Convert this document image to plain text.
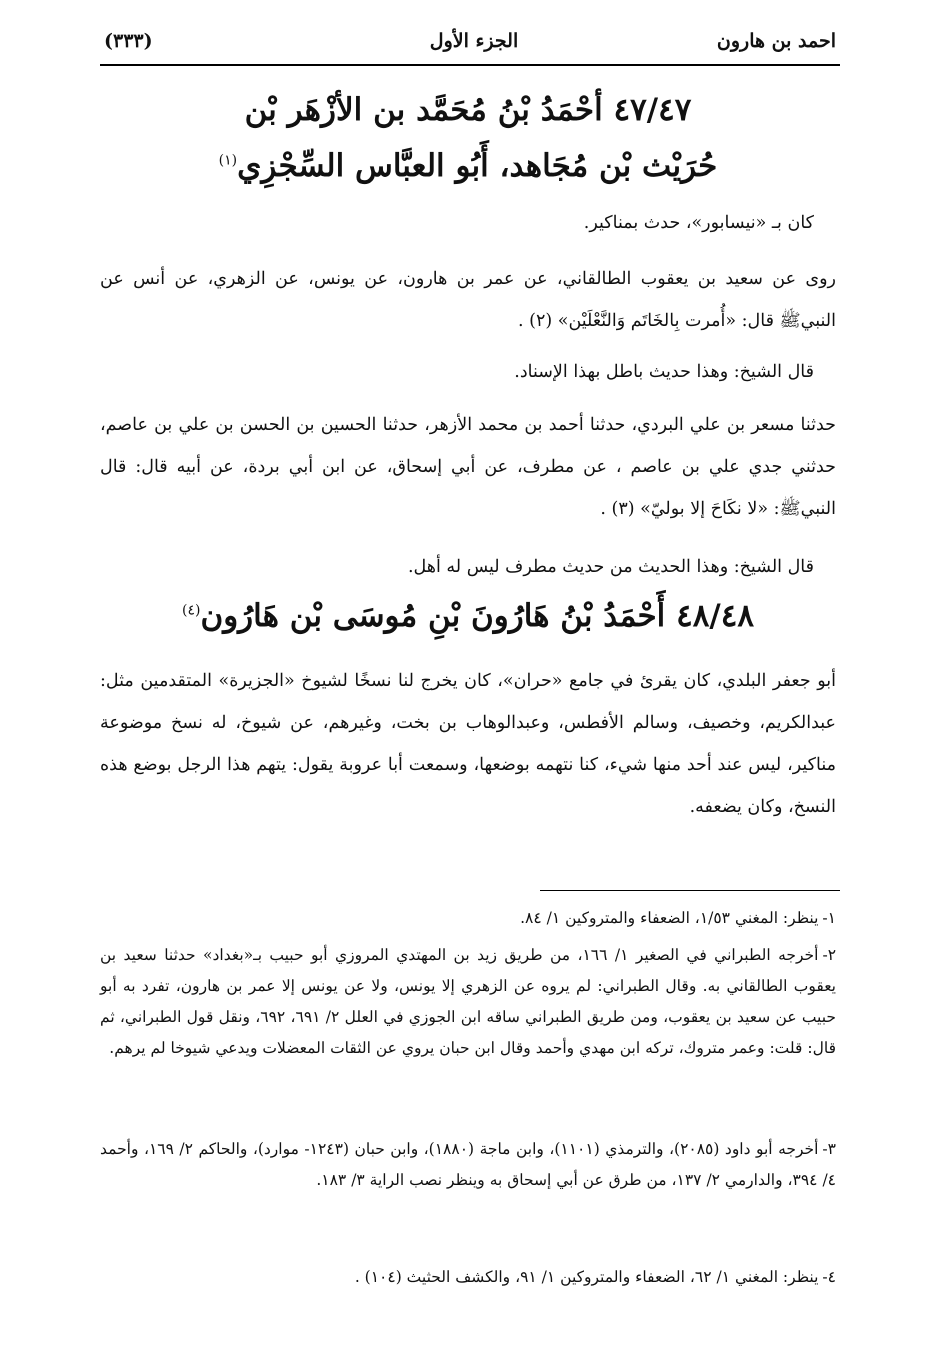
احمد بن هارون
الجزء الأول
(٣٣٣)
٤٧/٤٧ أحْمَدُ بْنُ مُحَمَّد بن الأزْهَر بْن
حُرَيْث بْن مُجَاهد، أَبُو العبَّاس السِّجْزِي$^{(١)}$
كان بـ «نيسابور»، حدث بمناكير.
روى عن سعيد بن يعقوب الطالقاني، عن عمر بن هارون، عن يونس، عن الزهري، عن أنس عن النبيﷺ قال: «أُمرت بِالخَاتَم وَالنَّعْلَيْن» (٢) .
قال الشيخ: وهذا حديث باطل بهذا الإسناد.
حدثنا مسعر بن علي البردي، حدثنا أحمد بن محمد الأزهر، حدثنا الحسين بن الحسن بن علي بن عاصم، حدثني جدي علي بن عاصم ، عن مطرف، عن أبي إسحاق، عن ابن أبي بردة، عن أبيه قال: قال النبيﷺ: «لا نكَاحَ إلا بوليّ» (٣) .
قال الشيخ: وهذا الحديث من حديث مطرف ليس له أهل.
٤٨/٤٨ أَحْمَدُ بْنُ هَارُونَ بْنِ مُوسَى بْن هَارُون$^{(٤)}$
أبو جعفر البلدي، كان يقرئ في جامع «حران»، كان يخرج لنا نسخًا لشيوخ «الجزيرة» المتقدمين مثل: عبدالكريم، وخصيف، وسالم الأفطس، وعبدالوهاب بن بخت، وغيرهم، عن شيوخ، له نسخ موضوعة مناكير، ليس عند أحد منها شيء، كنا نتهمه بوضعها، وسمعت أبا عروبة يقول: يتهم هذا الرجل بوضع هذه النسخ، وكان يضعفه.
١-ينظر: المغني ١/٥٣، الضعفاء والمتروكين ١/ ٨٤.
٢-أخرجه الطبراني في الصغير ١/ ١٦٦، من طريق زيد بن المهتدي المروزي أبو حبيب بـ«بغداد» حدثنا سعيد بن يعقوب الطالقاني به. وقال الطبراني: لم يروه عن الزهري إلا يونس، ولا عن يونس إلا عمر بن هارون، تفرد به أبو حبيب عن سعيد بن يعقوب، ومن طريق الطبراني ساقه ابن الجوزي في العلل ٢/ ٦٩١، ٦٩٢، ونقل قول الطبراني، ثم قال: قلت: وعمر متروك، تركه ابن مهدي وأحمد وقال ابن حبان يروي عن الثقات المعضلات ويدعي شيوخا لم يرهم.
٣-أخرجه أبو داود (٢٠٨٥)، والترمذي (١١٠١)، وابن ماجة (١٨٨٠)، وابن حبان (١٢٤٣- موارد)، والحاكم ٢/ ١٦٩، وأحمد ٤/ ٣٩٤، والدارمي ٢/ ١٣٧، من طرق عن أبي إسحاق به وينظر نصب الراية ٣/ ١٨٣.
٤-ينظر: المغني ١/ ٦٢، الضعفاء والمتروكين ١/ ٩١، والكشف الحثيث (١٠٤) .
